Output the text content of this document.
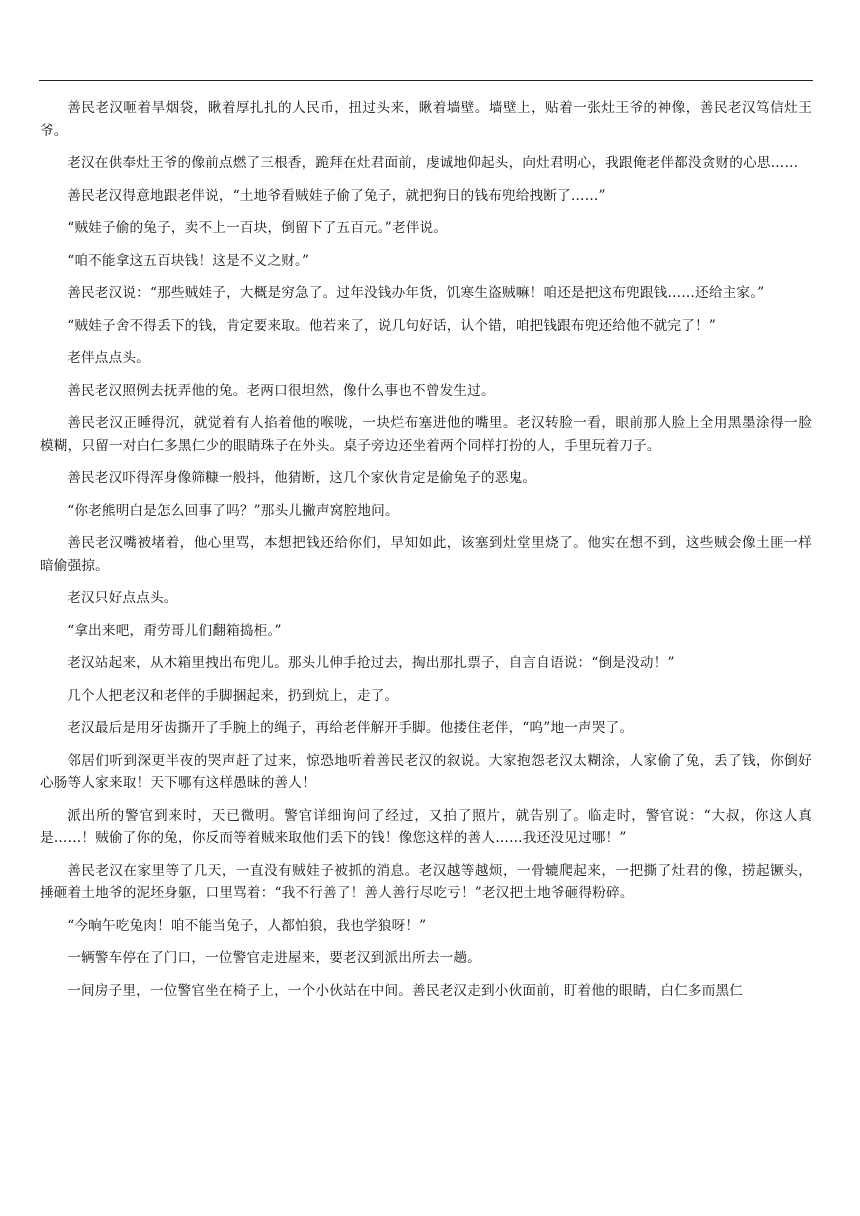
善民老汉咂着旱烟袋，瞅着厚扎扎的人民币，扭过头来，瞅着墙壁。墙壁上，贴着一张灶王爷的神像，善民老汉笃信灶王爷。

老汉在供奉灶王爷的像前点燃了三根香，跪拜在灶君面前，虔诚地仰起头，向灶君明心，我跟俺老伴都没贪财的心思……

善民老汉得意地跟老伴说，“土地爷看贼娃子偷了兔子，就把狗日的钱布兜给拽断了……”

“贼娃子偷的兔子，卖不上一百块，倒留下了五百元。”老伴说。

“咱不能拿这五百块钱！这是不义之财。”

善民老汉说：“那些贼娃子，大概是穷急了。过年没钱办年货，饥寒生盗贼嘛！咱还是把这布兜跟钱……还给主家。”

“贼娃子舍不得丢下的钱，肯定要来取。他若来了，说几句好话，认个错，咱把钱跟布兜还给他不就完了！”

老伴点点头。

善民老汉照例去抚弄他的兔。老两口很坦然，像什么事也不曾发生过。

善民老汉正睡得沉，就觉着有人掐着他的喉咙，一块烂布塞进他的嘴里。老汉转脸一看，眼前那人脸上全用黑墨涂得一脸模糊，只留一对白仁多黑仁少的眼睛珠子在外头。桌子旁边还坐着两个同样打扮的人，手里玩着刀子。

善民老汉吓得浑身像筛糠一般抖，他猜断，这几个家伙肯定是偷兔子的恶鬼。

“你老熊明白是怎么回事了吗？”那头儿撇声窝腔地问。

善民老汉嘴被堵着，他心里骂，本想把钱还给你们，早知如此，该塞到灶堂里烧了。他实在想不到，这些贼会像土匪一样暗偷强掠。

老汉只好点点头。

“拿出来吧，甭劳哥儿们翻箱捣柜。”

老汉站起来，从木箱里拽出布兜儿。那头儿伸手抢过去，掏出那扎票子，自言自语说：“倒是没动！”

几个人把老汉和老伴的手脚捆起来，扔到炕上，走了。

老汉最后是用牙齿撕开了手腕上的绳子，再给老伴解开手脚。他搂住老伴，“呜”地一声哭了。

邻居们听到深更半夜的哭声赶了过来，惊恐地听着善民老汉的叙说。大家抱怨老汉太糊涂，人家偷了兔，丢了钱，你倒好心肠等人家来取！天下哪有这样愚昧的善人！

派出所的警官到来时，天已微明。警官详细询问了经过，又拍了照片，就告别了。临走时，警官说：“大叔，你这人真是……！贼偷了你的兔，你反而等着贼来取他们丢下的钱！像您这样的善人……我还没见过哪！”

善民老汉在家里等了几天，一直没有贼娃子被抓的消息。老汉越等越烦，一骨辘爬起来，一把撕了灶君的像，捞起镢头，捶砸着土地爷的泥坯身躯，口里骂着：“我不行善了！善人善行尽吃亏！”老汉把土地爷砸得粉碎。

“今晌午吃兔肉！咱不能当兔子，人都怕狼，我也学狼呀！”

一辆警车停在了门口，一位警官走进屋来，要老汉到派出所去一趟。

一间房子里，一位警官坐在椅子上，一个小伙站在中间。善民老汉走到小伙面前，盯着他的眼睛，白仁多而黑仁
